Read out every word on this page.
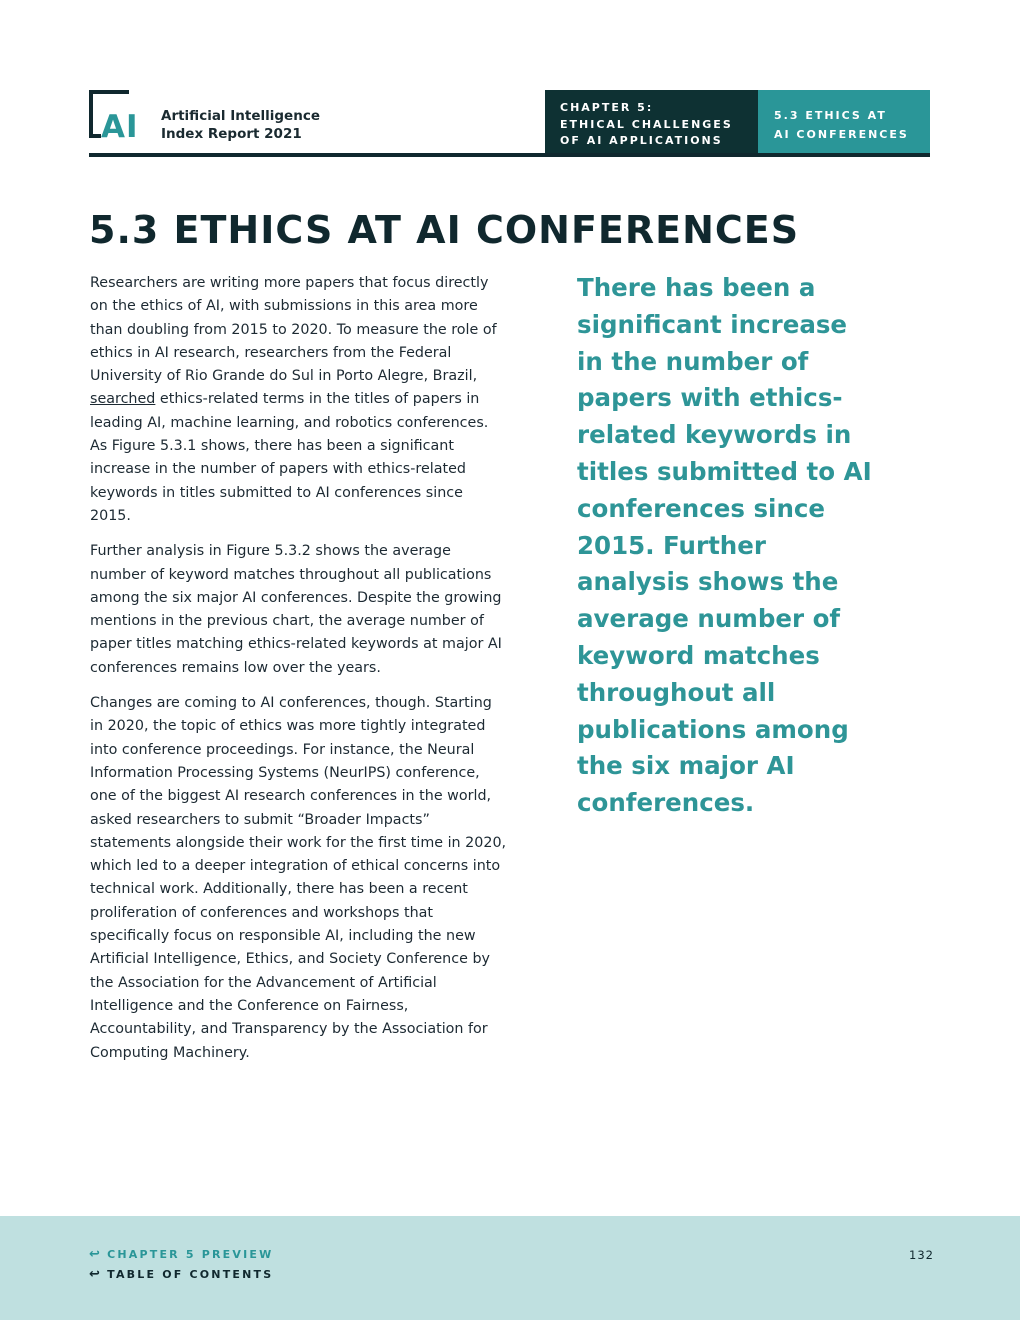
AI Artificial Intelligence
Index Report 2021
CHAPTER 5:
ETHICAL CHALLENGES
OF AI APPLICATIONS
5.3 ETHICS AT
AI CONFERENCES
5.3 ETHICS AT AI CONFERENCES

Researchers are writing more papers that focus directly on the ethics of AI, with submissions in this area more than doubling from 2015 to 2020. To measure the role of ethics in AI research, researchers from the Federal University of Rio Grande do Sul in Porto Alegre, Brazil, searched ethics-related terms in the titles of papers in leading AI, machine learning, and robotics conferences. As Figure 5.3.1 shows, there has been a significant increase in the number of papers with ethics-related keywords in titles submitted to AI conferences since 2015.

Further analysis in Figure 5.3.2 shows the average number of keyword matches throughout all publications among the six major AI conferences. Despite the growing mentions in the previous chart, the average number of paper titles matching ethics-related keywords at major AI conferences remains low over the years.

Changes are coming to AI conferences, though. Starting in 2020, the topic of ethics was more tightly integrated into conference proceedings. For instance, the Neural Information Processing Systems (NeurIPS) conference, one of the biggest AI research conferences in the world, asked researchers to submit “Broader Impacts” statements alongside their work for the first time in 2020, which led to a deeper integration of ethical concerns into technical work. Additionally, there has been a recent proliferation of conferences and workshops that specifically focus on responsible AI, including the new Artificial Intelligence, Ethics, and Society Conference by the Association for the Advancement of Artificial Intelligence and the Conference on Fairness, Accountability, and Transparency by the Association for Computing Machinery.

There has been a significant increase in the number of papers with ethics-related keywords in titles submitted to AI conferences since 2015. Further analysis shows the average number of keyword matches throughout all publications among the six major AI conferences.

↩ CHAPTER 5 PREVIEW
↩ TABLE OF CONTENTS
132
